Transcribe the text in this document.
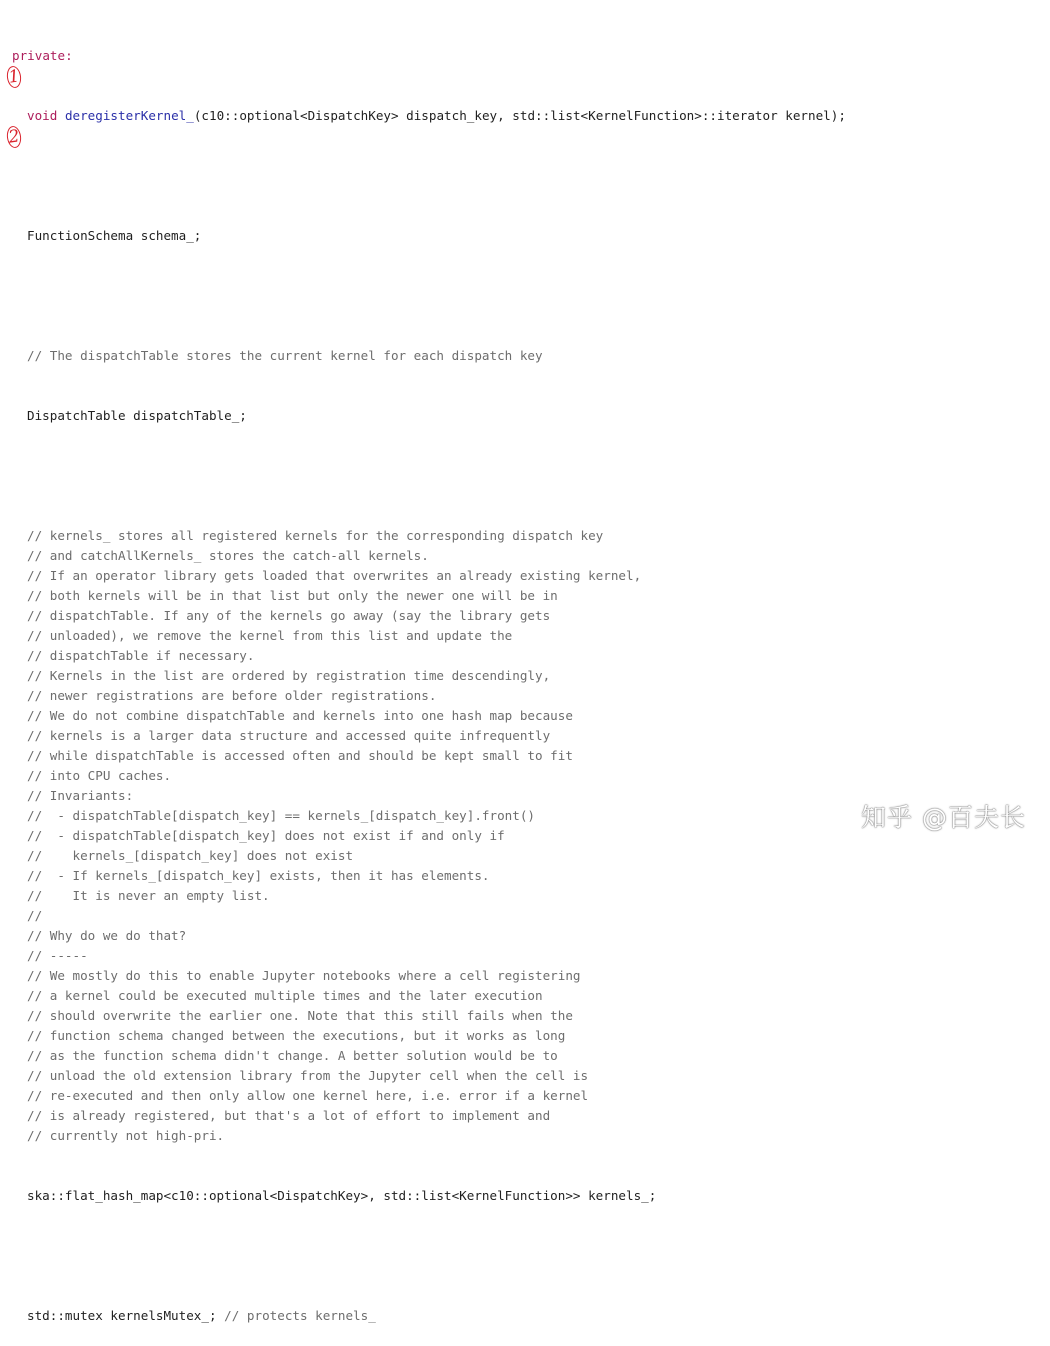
private:

void deregisterKernel_(c10::optional<DispatchKey> dispatch_key, std::list<KernelFunction>::iterator kernel);

FunctionSchema schema_;

// The dispatchTable stores the current kernel for each dispatch key

DispatchTable dispatchTable_;

// kernels_ stores all registered kernels for the corresponding dispatch key
// and catchAllKernels_ stores the catch-all kernels.
// If an operator library gets loaded that overwrites an already existing kernel,
// both kernels will be in that list but only the newer one will be in
// dispatchTable. If any of the kernels go away (say the library gets
// unloaded), we remove the kernel from this list and update the
// dispatchTable if necessary.
// Kernels in the list are ordered by registration time descendingly,
// newer registrations are before older registrations.
// We do not combine dispatchTable and kernels into one hash map because
// kernels is a larger data structure and accessed quite infrequently
// while dispatchTable is accessed often and should be kept small to fit
// into CPU caches.
// Invariants:
//  - dispatchTable[dispatch_key] == kernels_[dispatch_key].front()
//  - dispatchTable[dispatch_key] does not exist if and only if
//    kernels_[dispatch_key] does not exist
//  - If kernels_[dispatch_key] exists, then it has elements.
//    It is never an empty list.
//
// Why do we do that?
// -----
// We mostly do this to enable Jupyter notebooks where a cell registering
// a kernel could be executed multiple times and the later execution
// should overwrite the earlier one. Note that this still fails when the
// function schema changed between the executions, but it works as long
// as the function schema didn't change. A better solution would be to
// unload the old extension library from the Jupyter cell when the cell is
// re-executed and then only allow one kernel here, i.e. error if a kernel
// is already registered, but that's a lot of effort to implement and
// currently not high-pri.

ska::flat_hash_map<c10::optional<DispatchKey>, std::list<KernelFunction>> kernels_;

std::mutex kernelsMutex_; // protects kernels_

1
2
知乎 @百夫长
